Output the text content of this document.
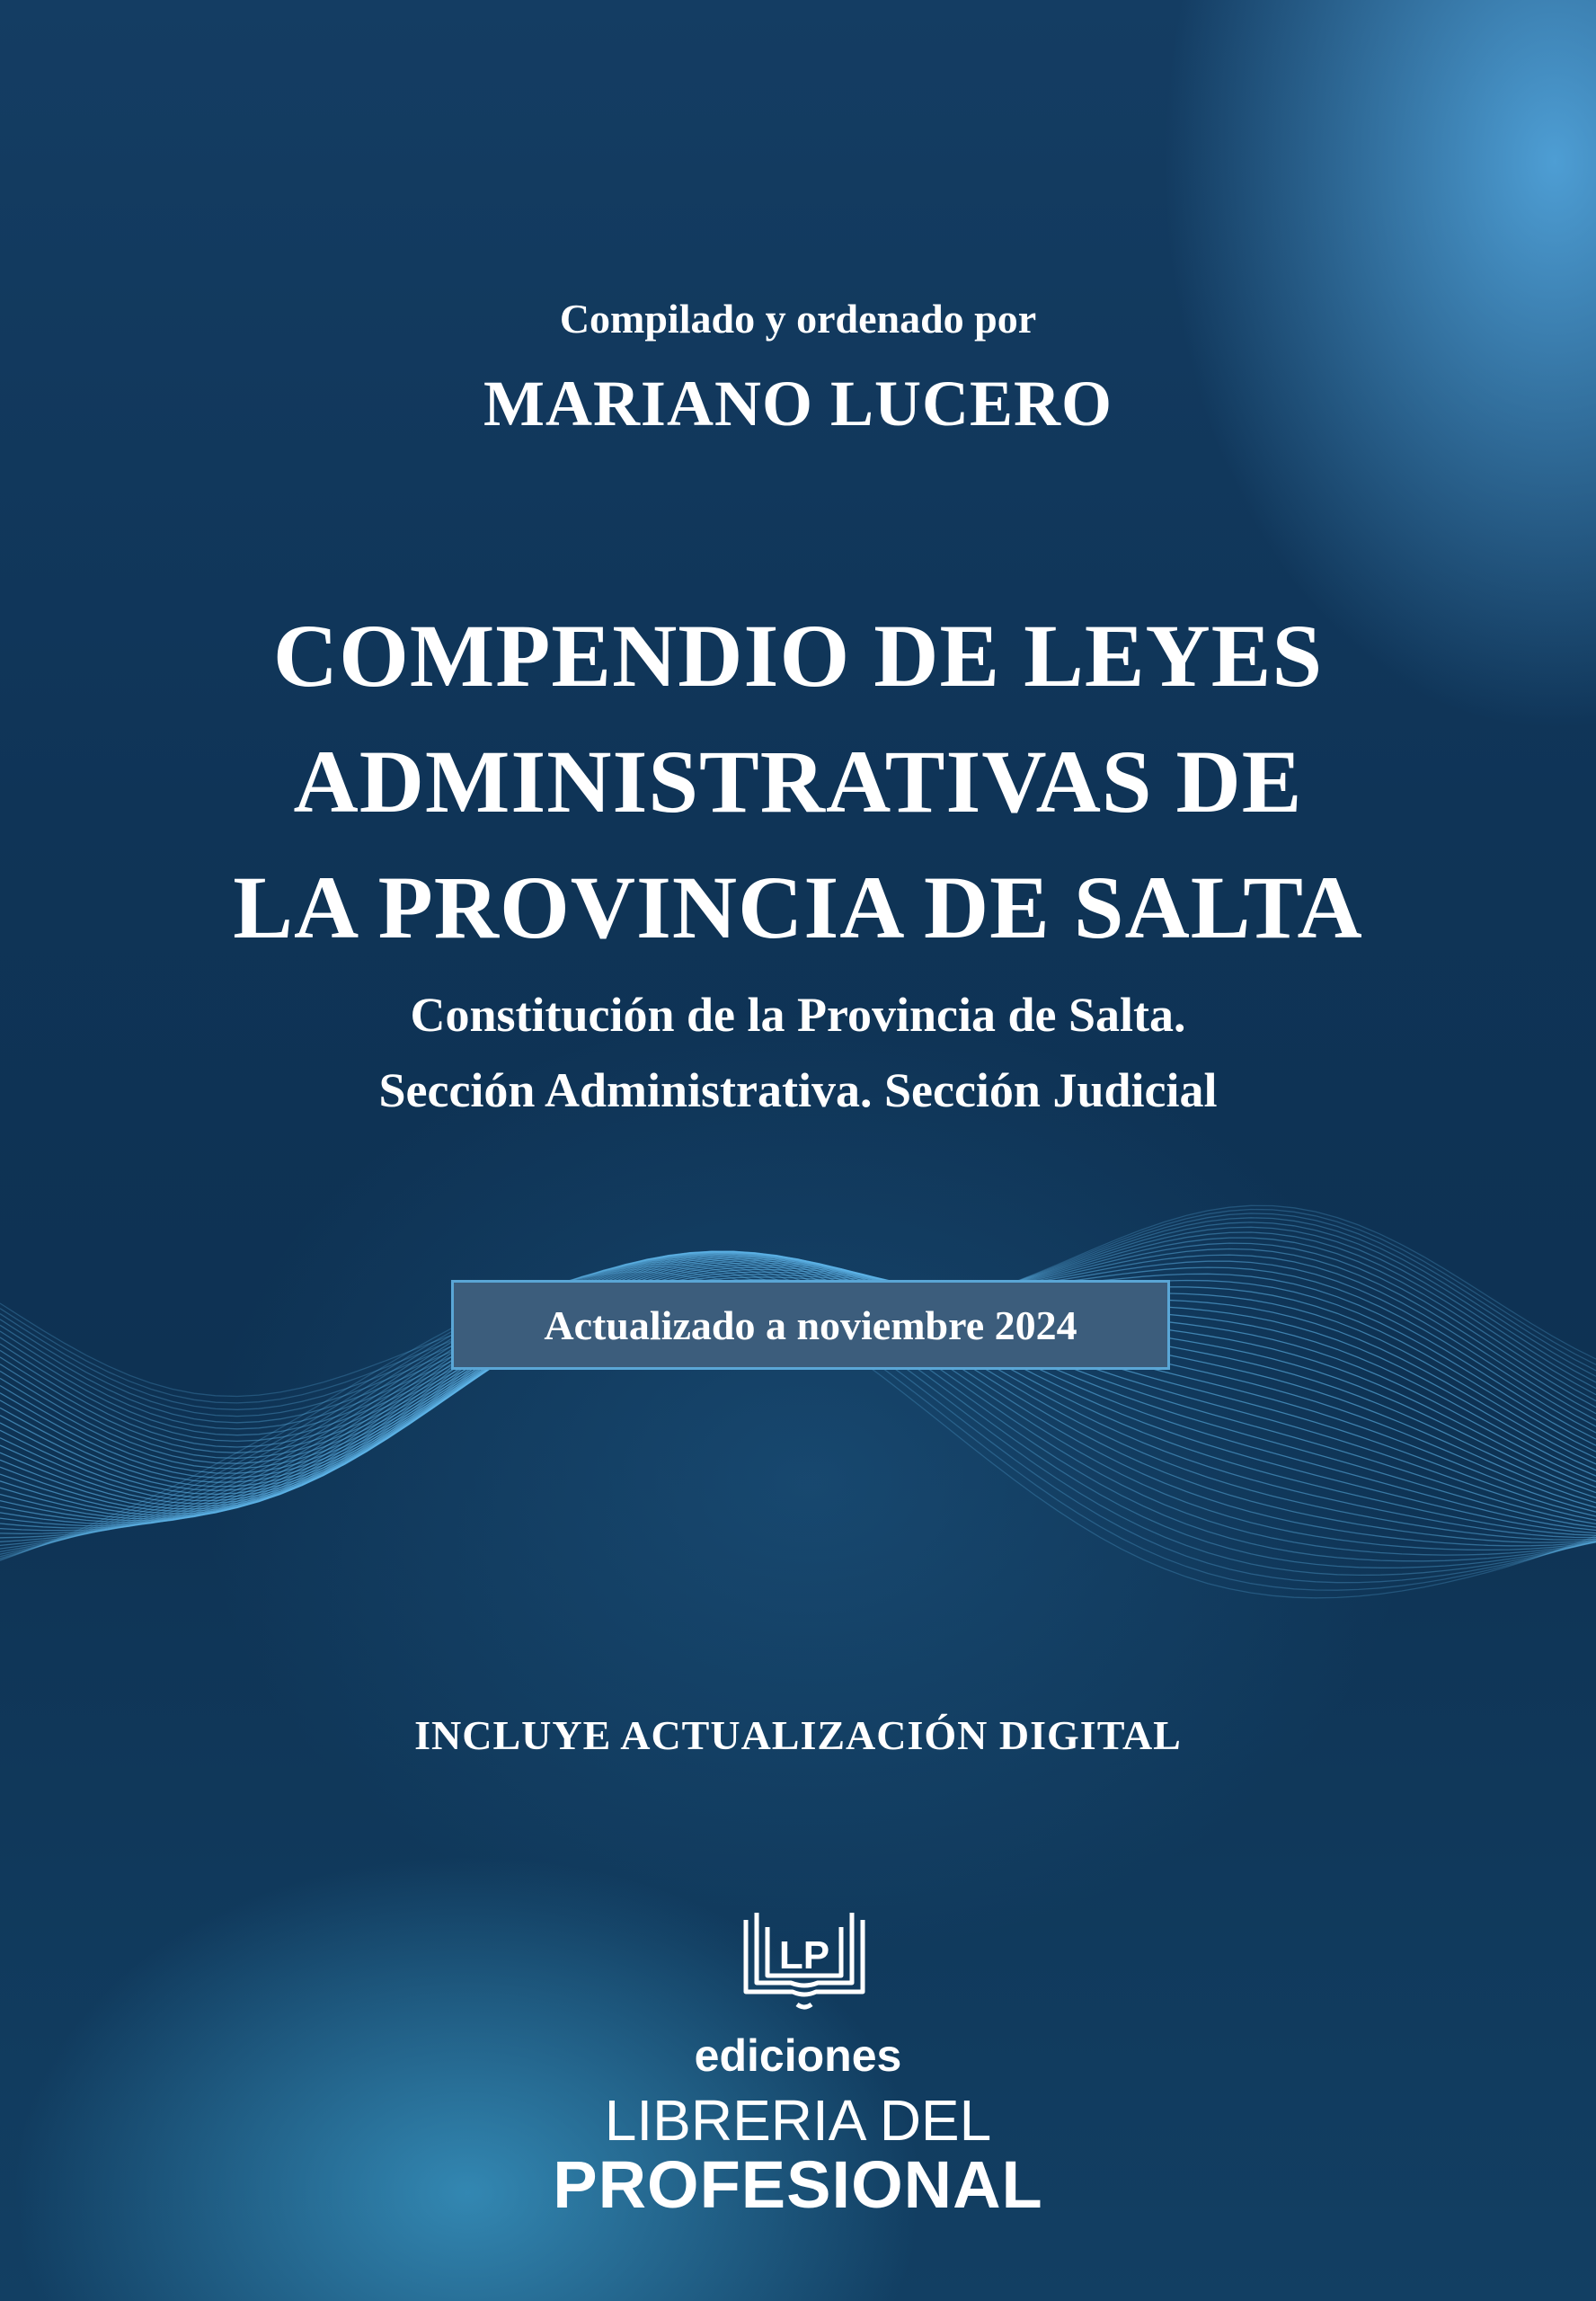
Compilado y ordenado por
MARIANO LUCERO
COMPENDIO DE LEYES
ADMINISTRATIVAS DE
LA PROVINCIA DE SALTA
Constitución de la Provincia de Salta.
Sección Administrativa. Sección Judicial
Actualizado a noviembre 2024
INCLUYE ACTUALIZACIÓN DIGITAL
LP
ediciones
LIBRERIA DEL
PROFESIONAL
